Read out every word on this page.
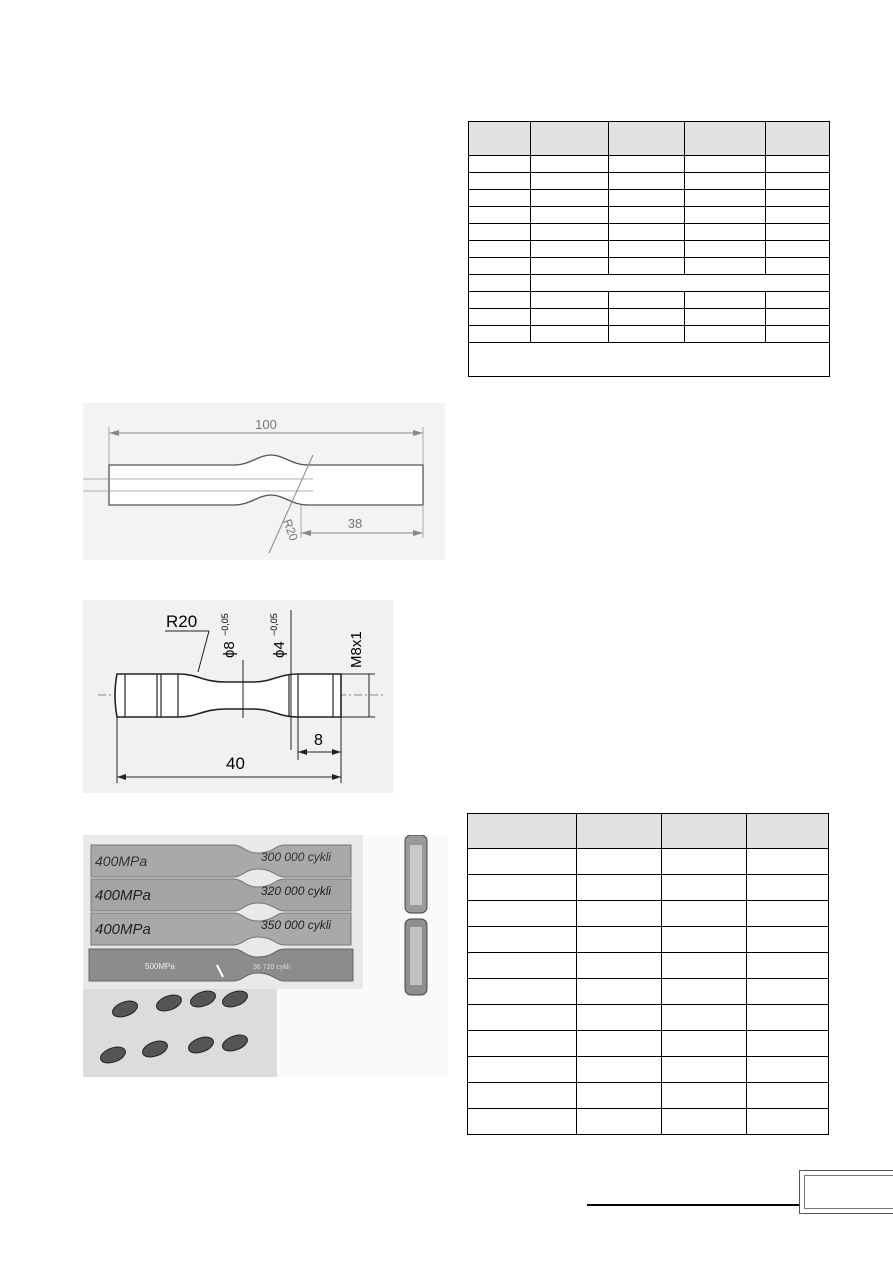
100
R20	38
R20
ϕ8
−0,05
ϕ4
−0,05
M8x1
8
40
400MPa	300 000 cykli
400MPa	320 000 cykli
400MPa	350 000 cykli
500MPa	36 720 cykli
